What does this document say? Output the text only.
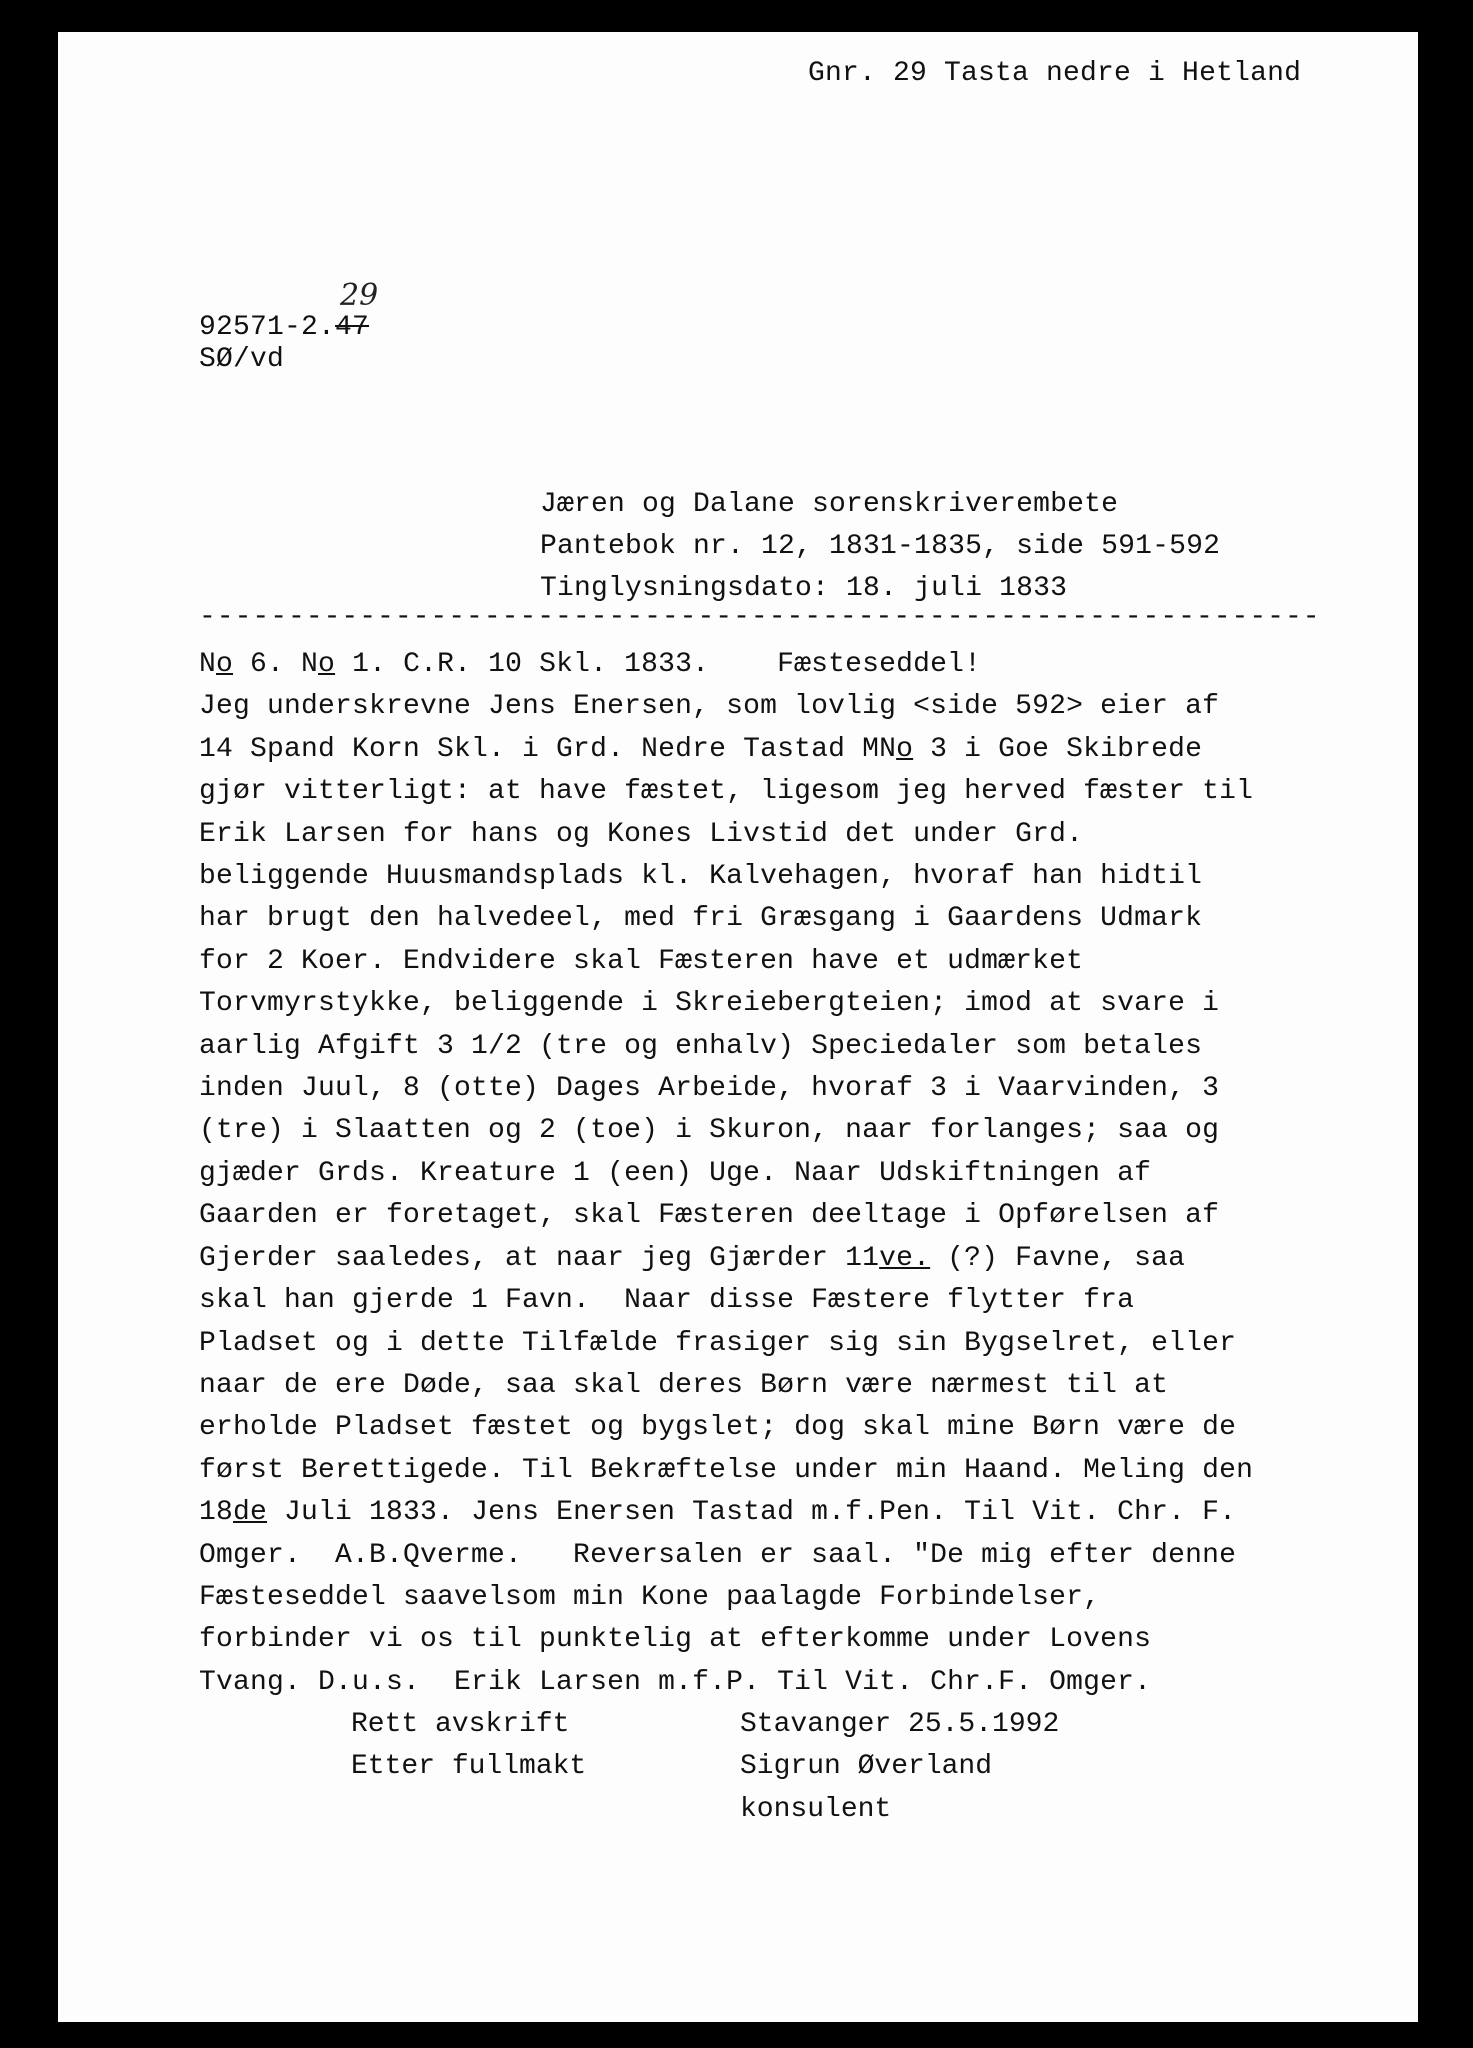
Gnr. 29 Tasta nedre i Hetland
92571-2.47
29
SØ/vd
Jæren og Dalane sorenskriverembete
Pantebok nr. 12, 1831-1835, side 591-592
Tinglysningsdato: 18. juli 1833
---------------------------------------------------------------
No 6. No 1. C.R. 10 Skl. 1833.    Fæsteseddel!
Jeg underskrevne Jens Enersen, som lovlig <side 592> eier af
14 Spand Korn Skl. i Grd. Nedre Tastad MNo 3 i Goe Skibrede
gjør vitterligt: at have fæstet, ligesom jeg herved fæster til
Erik Larsen for hans og Kones Livstid det under Grd.
beliggende Huusmandsplads kl. Kalvehagen, hvoraf han hidtil
har brugt den halvedeel, med fri Græsgang i Gaardens Udmark
for 2 Koer. Endvidere skal Fæsteren have et udmærket
Torvmyrstykke, beliggende i Skreiebergteien; imod at svare i
aarlig Afgift 3 1/2 (tre og enhalv) Speciedaler som betales
inden Juul, 8 (otte) Dages Arbeide, hvoraf 3 i Vaarvinden, 3
(tre) i Slaatten og 2 (toe) i Skuron, naar forlanges; saa og
gjæder Grds. Kreature 1 (een) Uge. Naar Udskiftningen af
Gaarden er foretaget, skal Fæsteren deeltage i Opførelsen af
Gjerder saaledes, at naar jeg Gjærder 11ve. (?) Favne, saa
skal han gjerde 1 Favn.  Naar disse Fæstere flytter fra
Pladset og i dette Tilfælde frasiger sig sin Bygselret, eller
naar de ere Døde, saa skal deres Børn være nærmest til at
erholde Pladset fæstet og bygslet; dog skal mine Børn være de
først Berettigede. Til Bekræftelse under min Haand. Meling den
18de Juli 1833. Jens Enersen Tastad m.f.Pen. Til Vit. Chr. F.
Omger.  A.B.Qverme.   Reversalen er saal. "De mig efter denne
Fæsteseddel saavelsom min Kone paalagde Forbindelser,
forbinder vi os til punktelig at efterkomme under Lovens
Tvang. D.u.s.  Erik Larsen m.f.P. Til Vit. Chr.F. Omger.
Rett avskrift
Etter fullmakt
Stavanger 25.5.1992
Sigrun Øverland
konsulent
